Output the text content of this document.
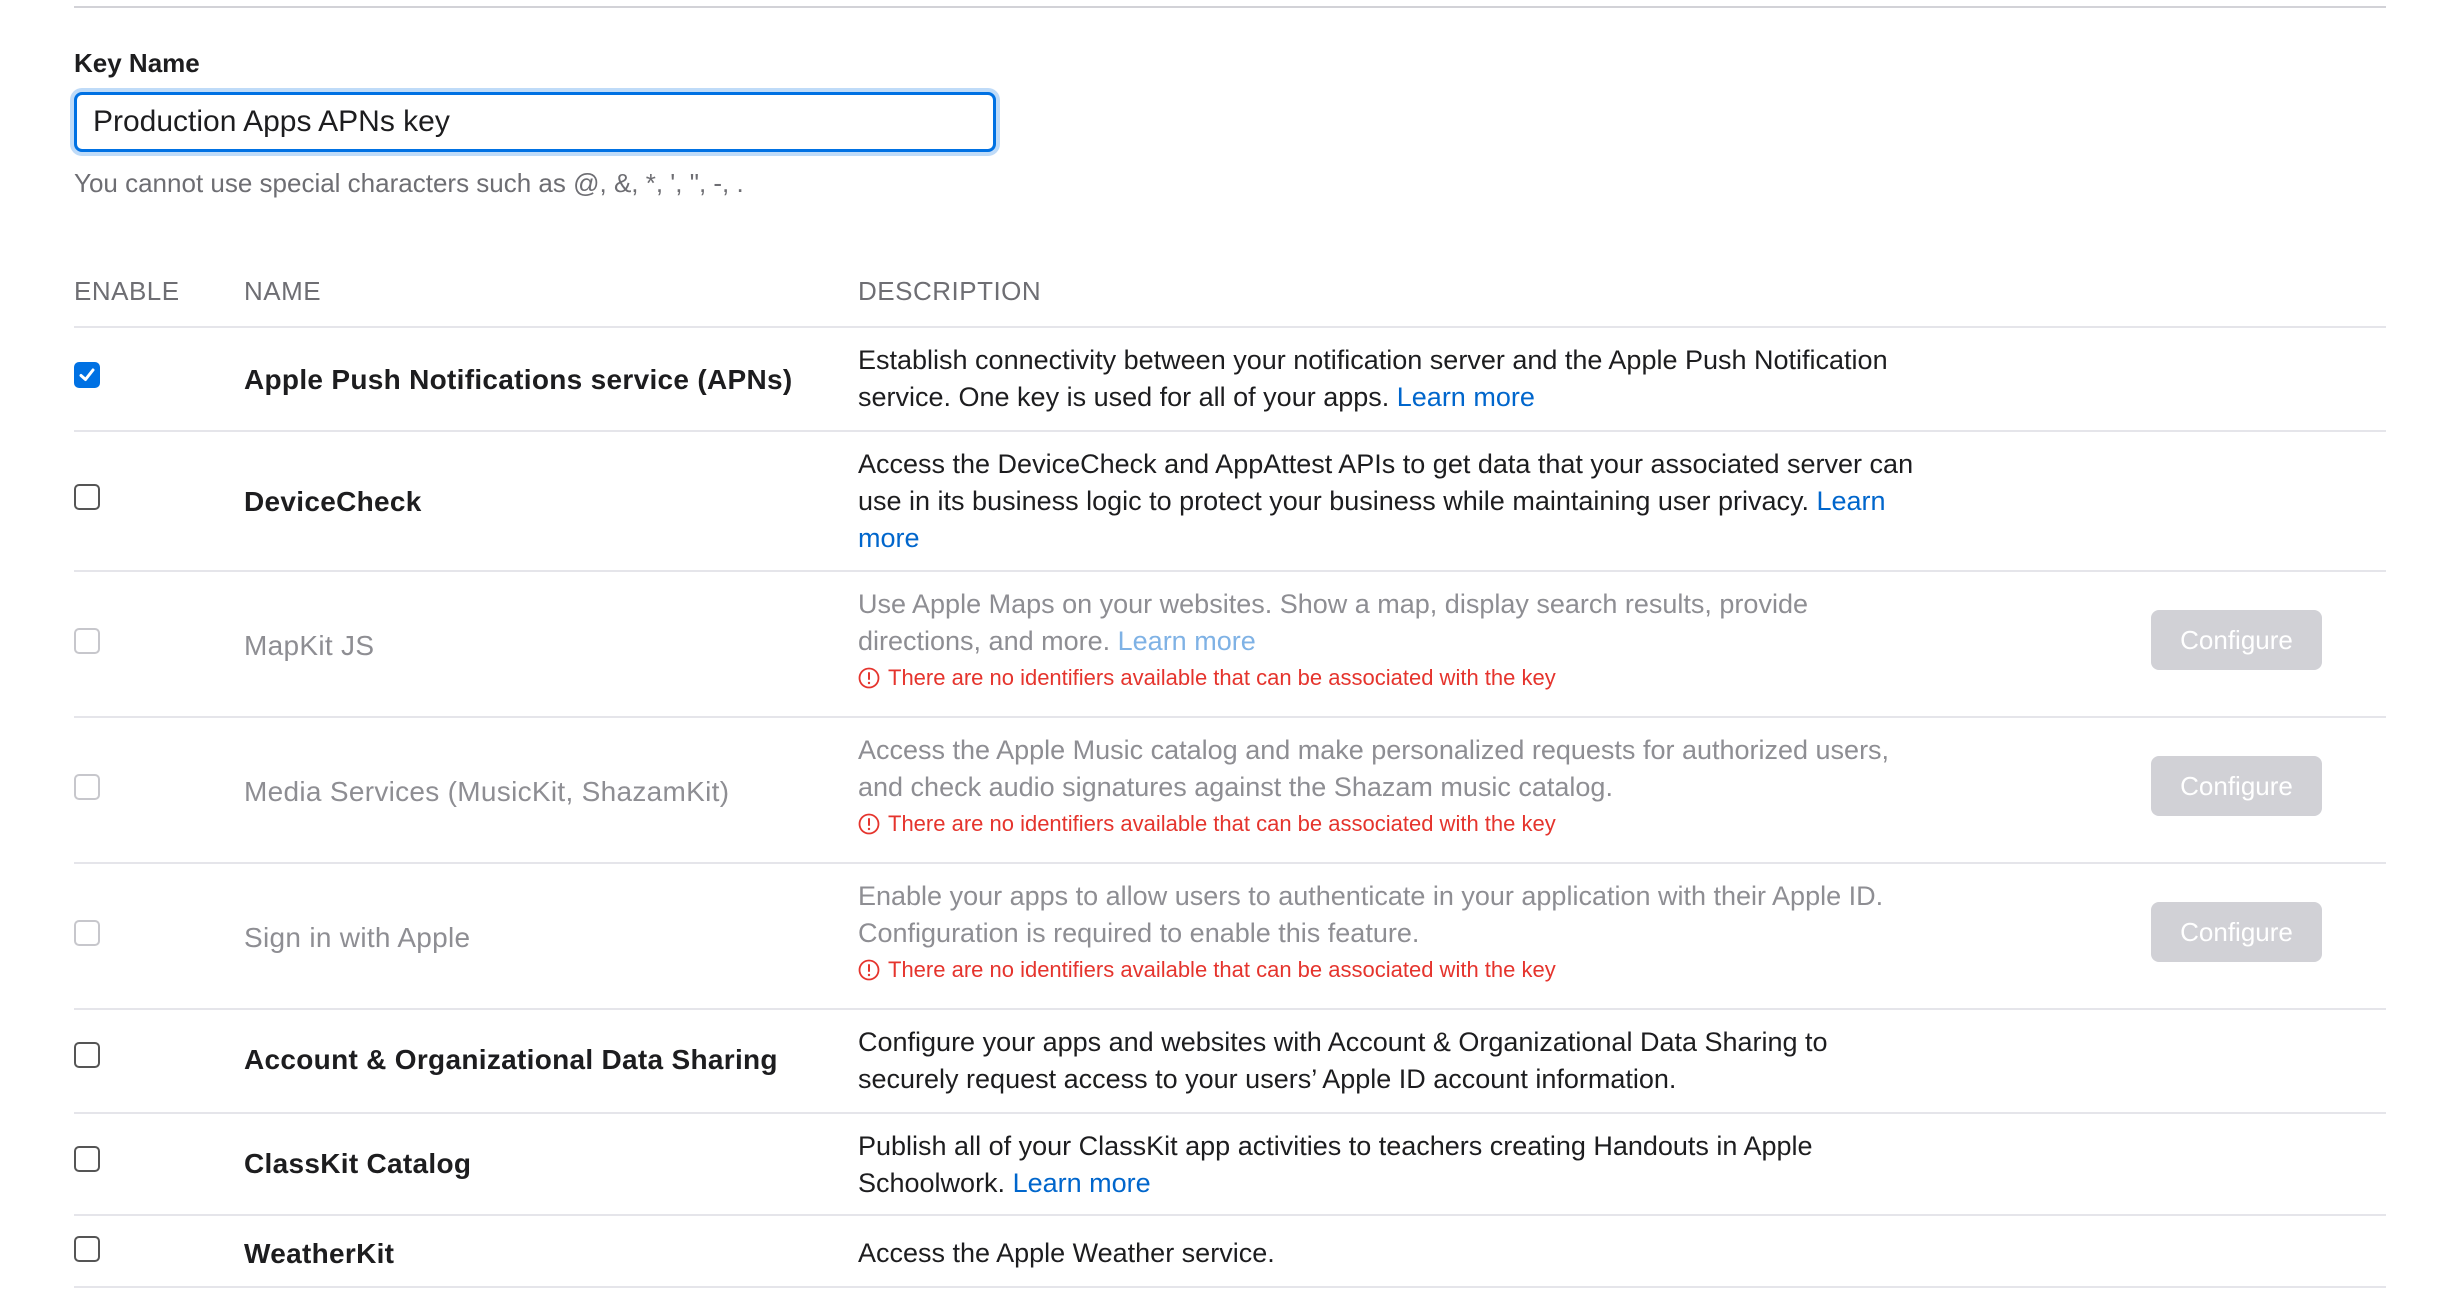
Key Name
Production Apps APNs key
You cannot use special characters such as @, &, *, ', ", -, .
ENABLE NAME	DESCRIPTION
Apple Push Notifications service (APNs)
Establish connectivity between your notification server and the Apple Push Notification service. One key is used for all of your apps. Learn more
DeviceCheck
Access the DeviceCheck and AppAttest APIs to get data that your associated server can use in its business logic to protect your business while maintaining user privacy. Learn more
MapKit JS
Use Apple Maps on your websites. Show a map, display search results, provide directions, and more. Learn more
There are no identifiers available that can be associated with the key
Configure
Media Services (MusicKit, ShazamKit)
Access the Apple Music catalog and make personalized requests for authorized users, and check audio signatures against the Shazam music catalog.
There are no identifiers available that can be associated with the key
Configure
Sign in with Apple
Enable your apps to allow users to authenticate in your application with their Apple ID. Configuration is required to enable this feature.
There are no identifiers available that can be associated with the key
Configure
Account & Organizational Data Sharing
Configure your apps and websites with Account & Organizational Data Sharing to securely request access to your users’ Apple ID account information.
ClassKit Catalog
Publish all of your ClassKit app activities to teachers creating Handouts in Apple Schoolwork. Learn more
WeatherKit	Access the Apple Weather service.
